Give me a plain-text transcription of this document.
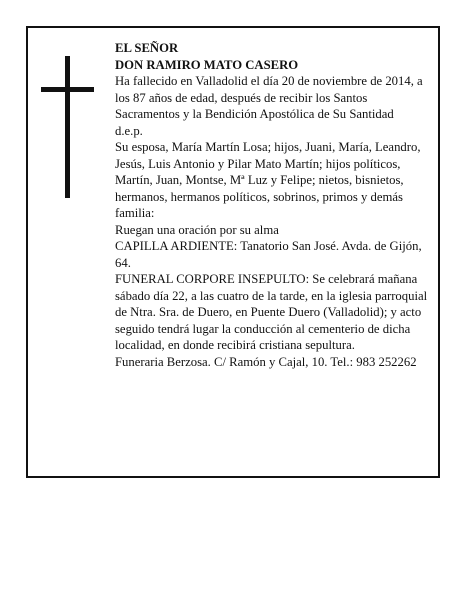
EL SEÑOR

DON RAMIRO MATO CASERO

Ha fallecido en Valladolid el día 20 de noviembre de 2014, a los 87 años de edad, después de recibir los Santos Sacramentos y la Bendición Apostólica de Su Santidad

d.e.p.

Su esposa, María Martín Losa; hijos, Juani, María, Leandro, Jesús, Luis Antonio y Pilar Mato Martín; hijos políticos, Martín, Juan, Montse, Mª Luz y Felipe; nietos, bisnietos, hermanos, hermanos políticos, sobrinos, primos y demás familia:

Ruegan una oración por su alma

CAPILLA ARDIENTE: Tanatorio San José. Avda. de Gijón, 64.

FUNERAL CORPORE INSEPULTO: Se celebrará mañana sábado día 22, a las cuatro de la tarde, en la iglesia parroquial de Ntra. Sra. de Duero, en Puente Duero (Valladolid); y acto seguido tendrá lugar la conducción al cementerio de dicha localidad, en donde recibirá cristiana sepultura.

Funeraria Berzosa. C/ Ramón y Cajal, 10. Tel.: 983 252262
